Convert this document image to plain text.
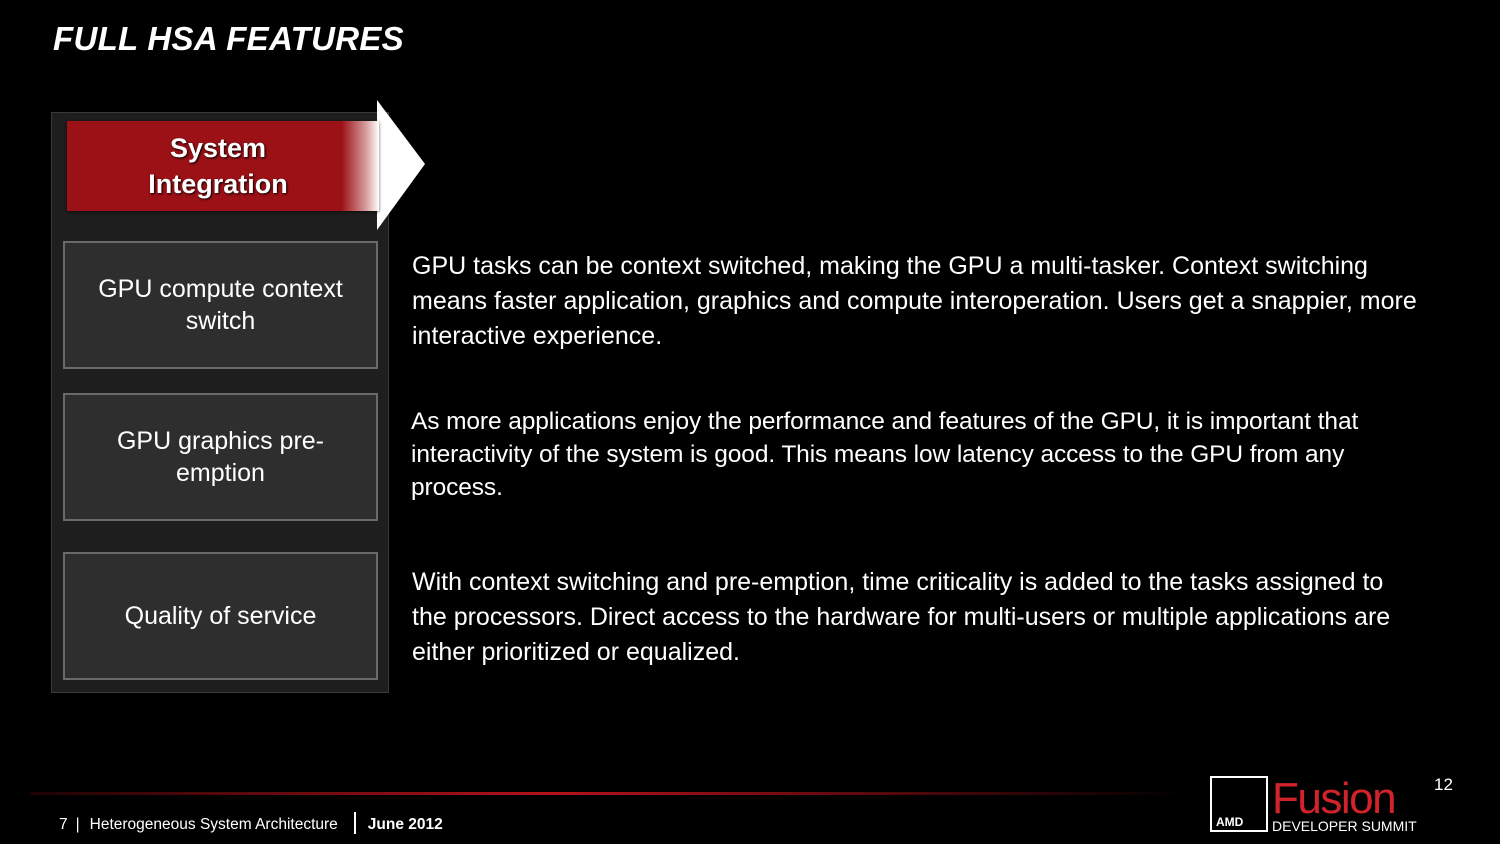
FULL HSA FEATURES
System
Integration
GPU compute context switch
GPU graphics pre-emption
Quality of service
GPU tasks can be context switched, making the GPU a multi-tasker. Context switching means faster application, graphics and compute interoperation. Users get a snappier, more interactive experience.
As more applications enjoy the performance and features of the GPU, it is important that interactivity of the system is good. This means low latency access to the GPU from any process.
With context switching and pre-emption, time criticality is added to the tasks assigned to the processors. Direct access to the hardware for multi-users or multiple applications are either prioritized or equalized.
7 | Heterogeneous System Architecture June 2012	AMD Fusion 12
DEVELOPER SUMMIT
